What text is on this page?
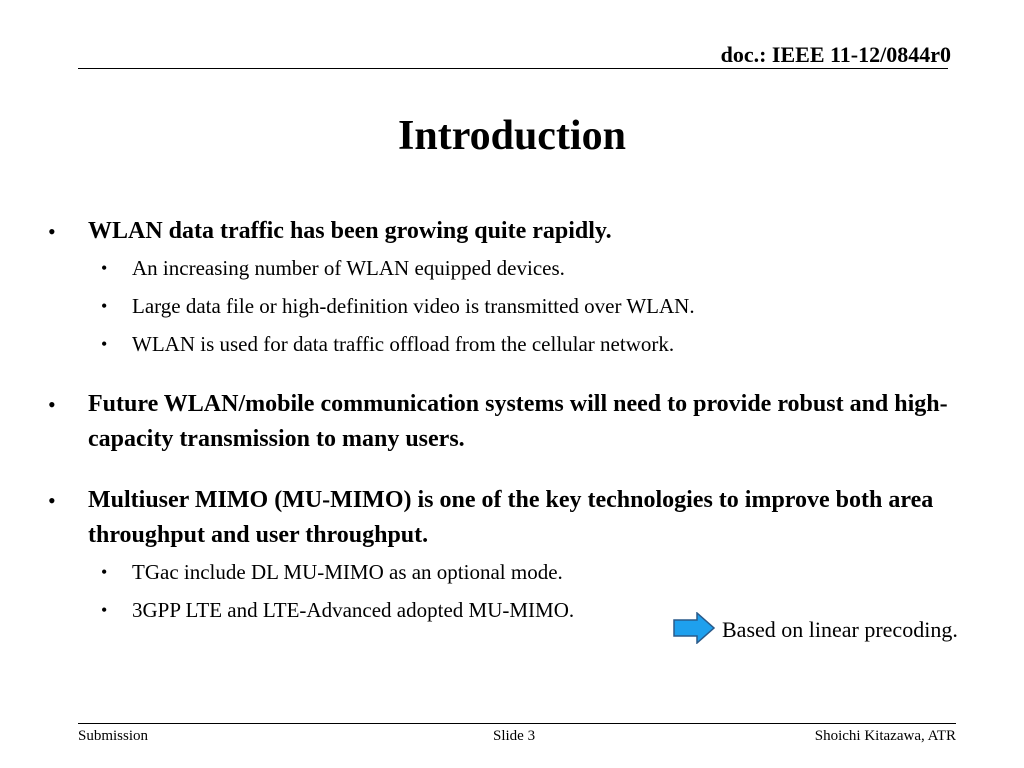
doc.: IEEE 11-12/0844r0
Introduction
• WLAN data traffic has been growing quite rapidly.
• An increasing number of WLAN equipped devices.
• Large data file or high-definition video is transmitted over WLAN.
• WLAN is used for data traffic offload from the cellular network.
• Future WLAN/mobile communication systems will need to provide robust and high-capacity transmission to many users.
• Multiuser MIMO (MU-MIMO) is one of the key technologies to improve both area throughput and user throughput.
• TGac include DL MU-MIMO as an optional mode.
• 3GPP LTE and LTE-Advanced adopted MU-MIMO.
Based on linear precoding.
Submission	Slide 3	Shoichi Kitazawa, ATR
